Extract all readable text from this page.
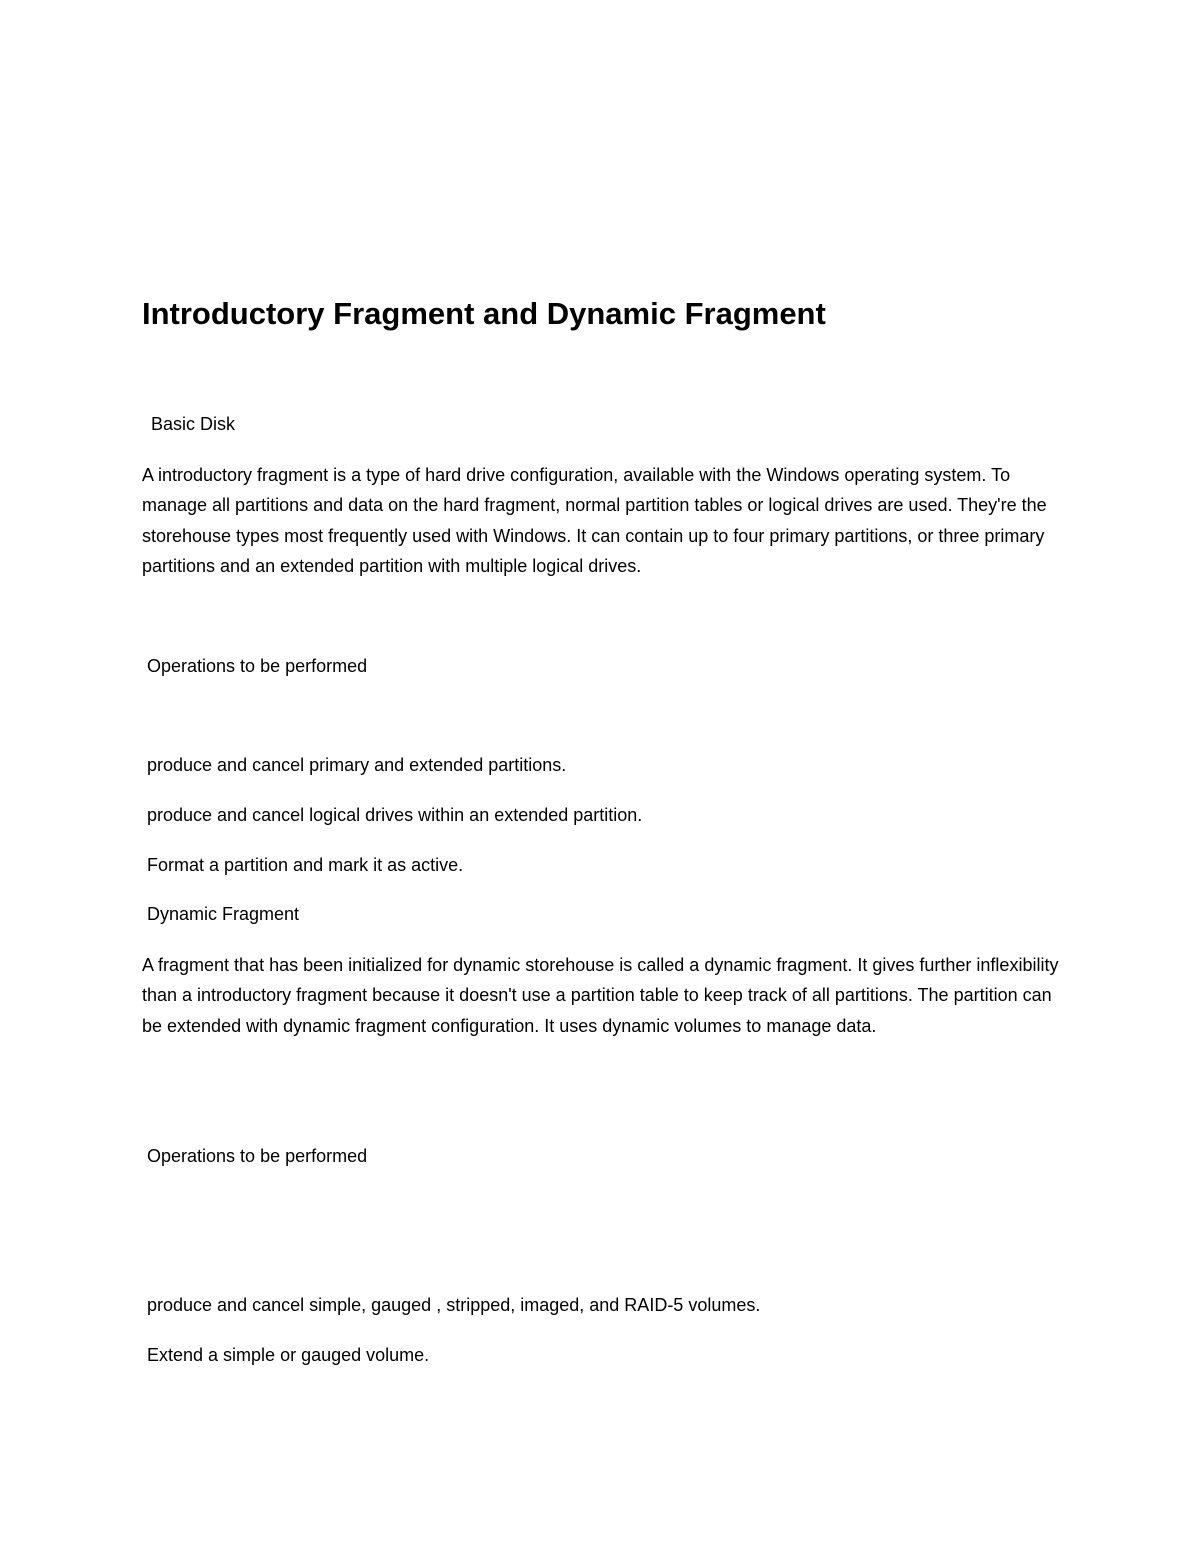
Introductory Fragment and Dynamic Fragment

Basic Disk

A introductory fragment is a type of hard drive configuration, available with the Windows operating system. To manage all partitions and data on the hard fragment, normal partition tables or logical drives are used. They're the storehouse types most frequently used with Windows. It can contain up to four primary partitions, or three primary partitions and an extended partition with multiple logical drives.

Operations to be performed

produce and cancel primary and extended partitions.

produce and cancel logical drives within an extended partition.

Format a partition and mark it as active.

Dynamic Fragment

A fragment that has been initialized for dynamic storehouse is called a dynamic fragment. It gives further inflexibility than a introductory fragment because it doesn't use a partition table to keep track of all partitions. The partition can be extended with dynamic fragment configuration. It uses dynamic volumes to manage data.

Operations to be performed

produce and cancel simple, gauged , stripped, imaged, and RAID-5 volumes.

Extend a simple or gauged volume.
